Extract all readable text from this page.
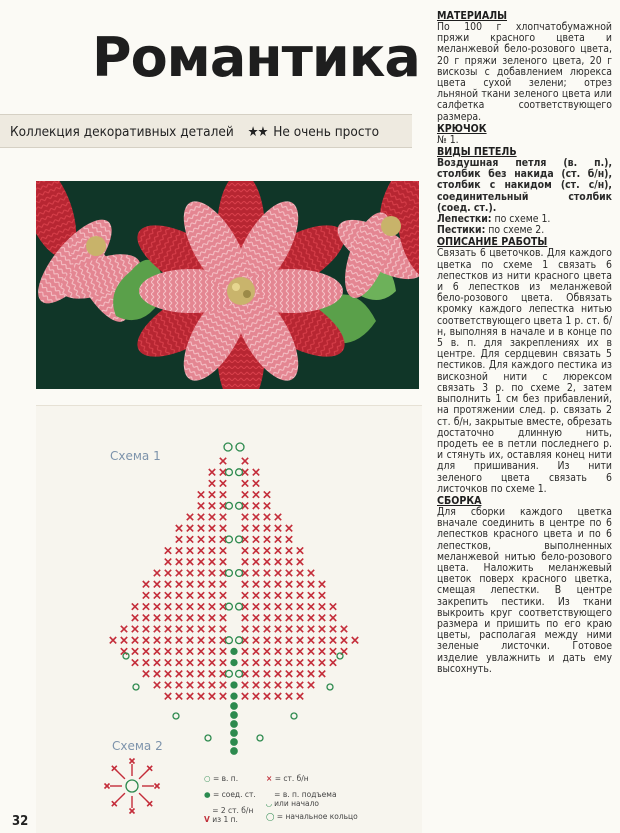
Романтика
Коллекция декоративных деталей ★★ Не очень просто
Схема 1
Схема 2
○ = в. п.
● = соед. ст.
V = 2 ст. б/н из 1 п.
× = ст. б/н
◡ = в. п. подъема или начало
◯ = начальное кольцо
32
МАТЕРИАЛЫ

По 100 г хлопчатобумажной пряжи красного цвета и меланжевой бело-розового цвета, 20 г пряжи зеленого цвета, 20 г вискозы с добавлением люрекса цвета сухой зелени; отрез льняной ткани зеленого цвета или салфетка соответствующего размера.

КРЮЧОК

№ 1.

ВИДЫ ПЕТЕЛЬ

Воздушная петля (в. п.), столбик без накида (ст. б/н), столбик с накидом (ст. с/н), соединительный столбик (соед. ст.).

Лепестки: по схеме 1.

Пестики: по схеме 2.

ОПИСАНИЕ РАБОТЫ

Связать 6 цветочков. Для каждого цветка по схеме 1 связать 6 лепестков из нити красного цвета и 6 лепестков из меланжевой бело-розового цвета. Обвязать кромку каждого лепестка нитью соответствующего цвета 1 р. ст. б/н, выполняя в начале и в конце по 5 в. п. для закреплениях их в центре. Для сердцевин связать 5 пестиков. Для каждого пестика из вискозной нити с люрексом связать 3 р. по схеме 2, затем выполнить 1 см без прибавлений, на протяжении след. р. связать 2 ст. б/н, закрытые вместе, обрезать достаточно длинную нить, продеть ее в петли последнего р. и стянуть их, оставляя конец нити для пришивания. Из нити зеленого цвета связать 6 листочков по схеме 1.

СБОРКА

Для сборки каждого цветка вначале соединить в центре по 6 лепестков красного цвета и по 6 лепестков, выполненных меланжевой нитью бело-розового цвета. Наложить меланжевый цветок поверх красного цветка, смещая лепестки. В центре закрепить пестики. Из ткани выкроить круг соответствующего размера и пришить по его краю цветы, располагая между ними зеленые листочки. Готовое изделие увлажнить и дать ему высохнуть.
